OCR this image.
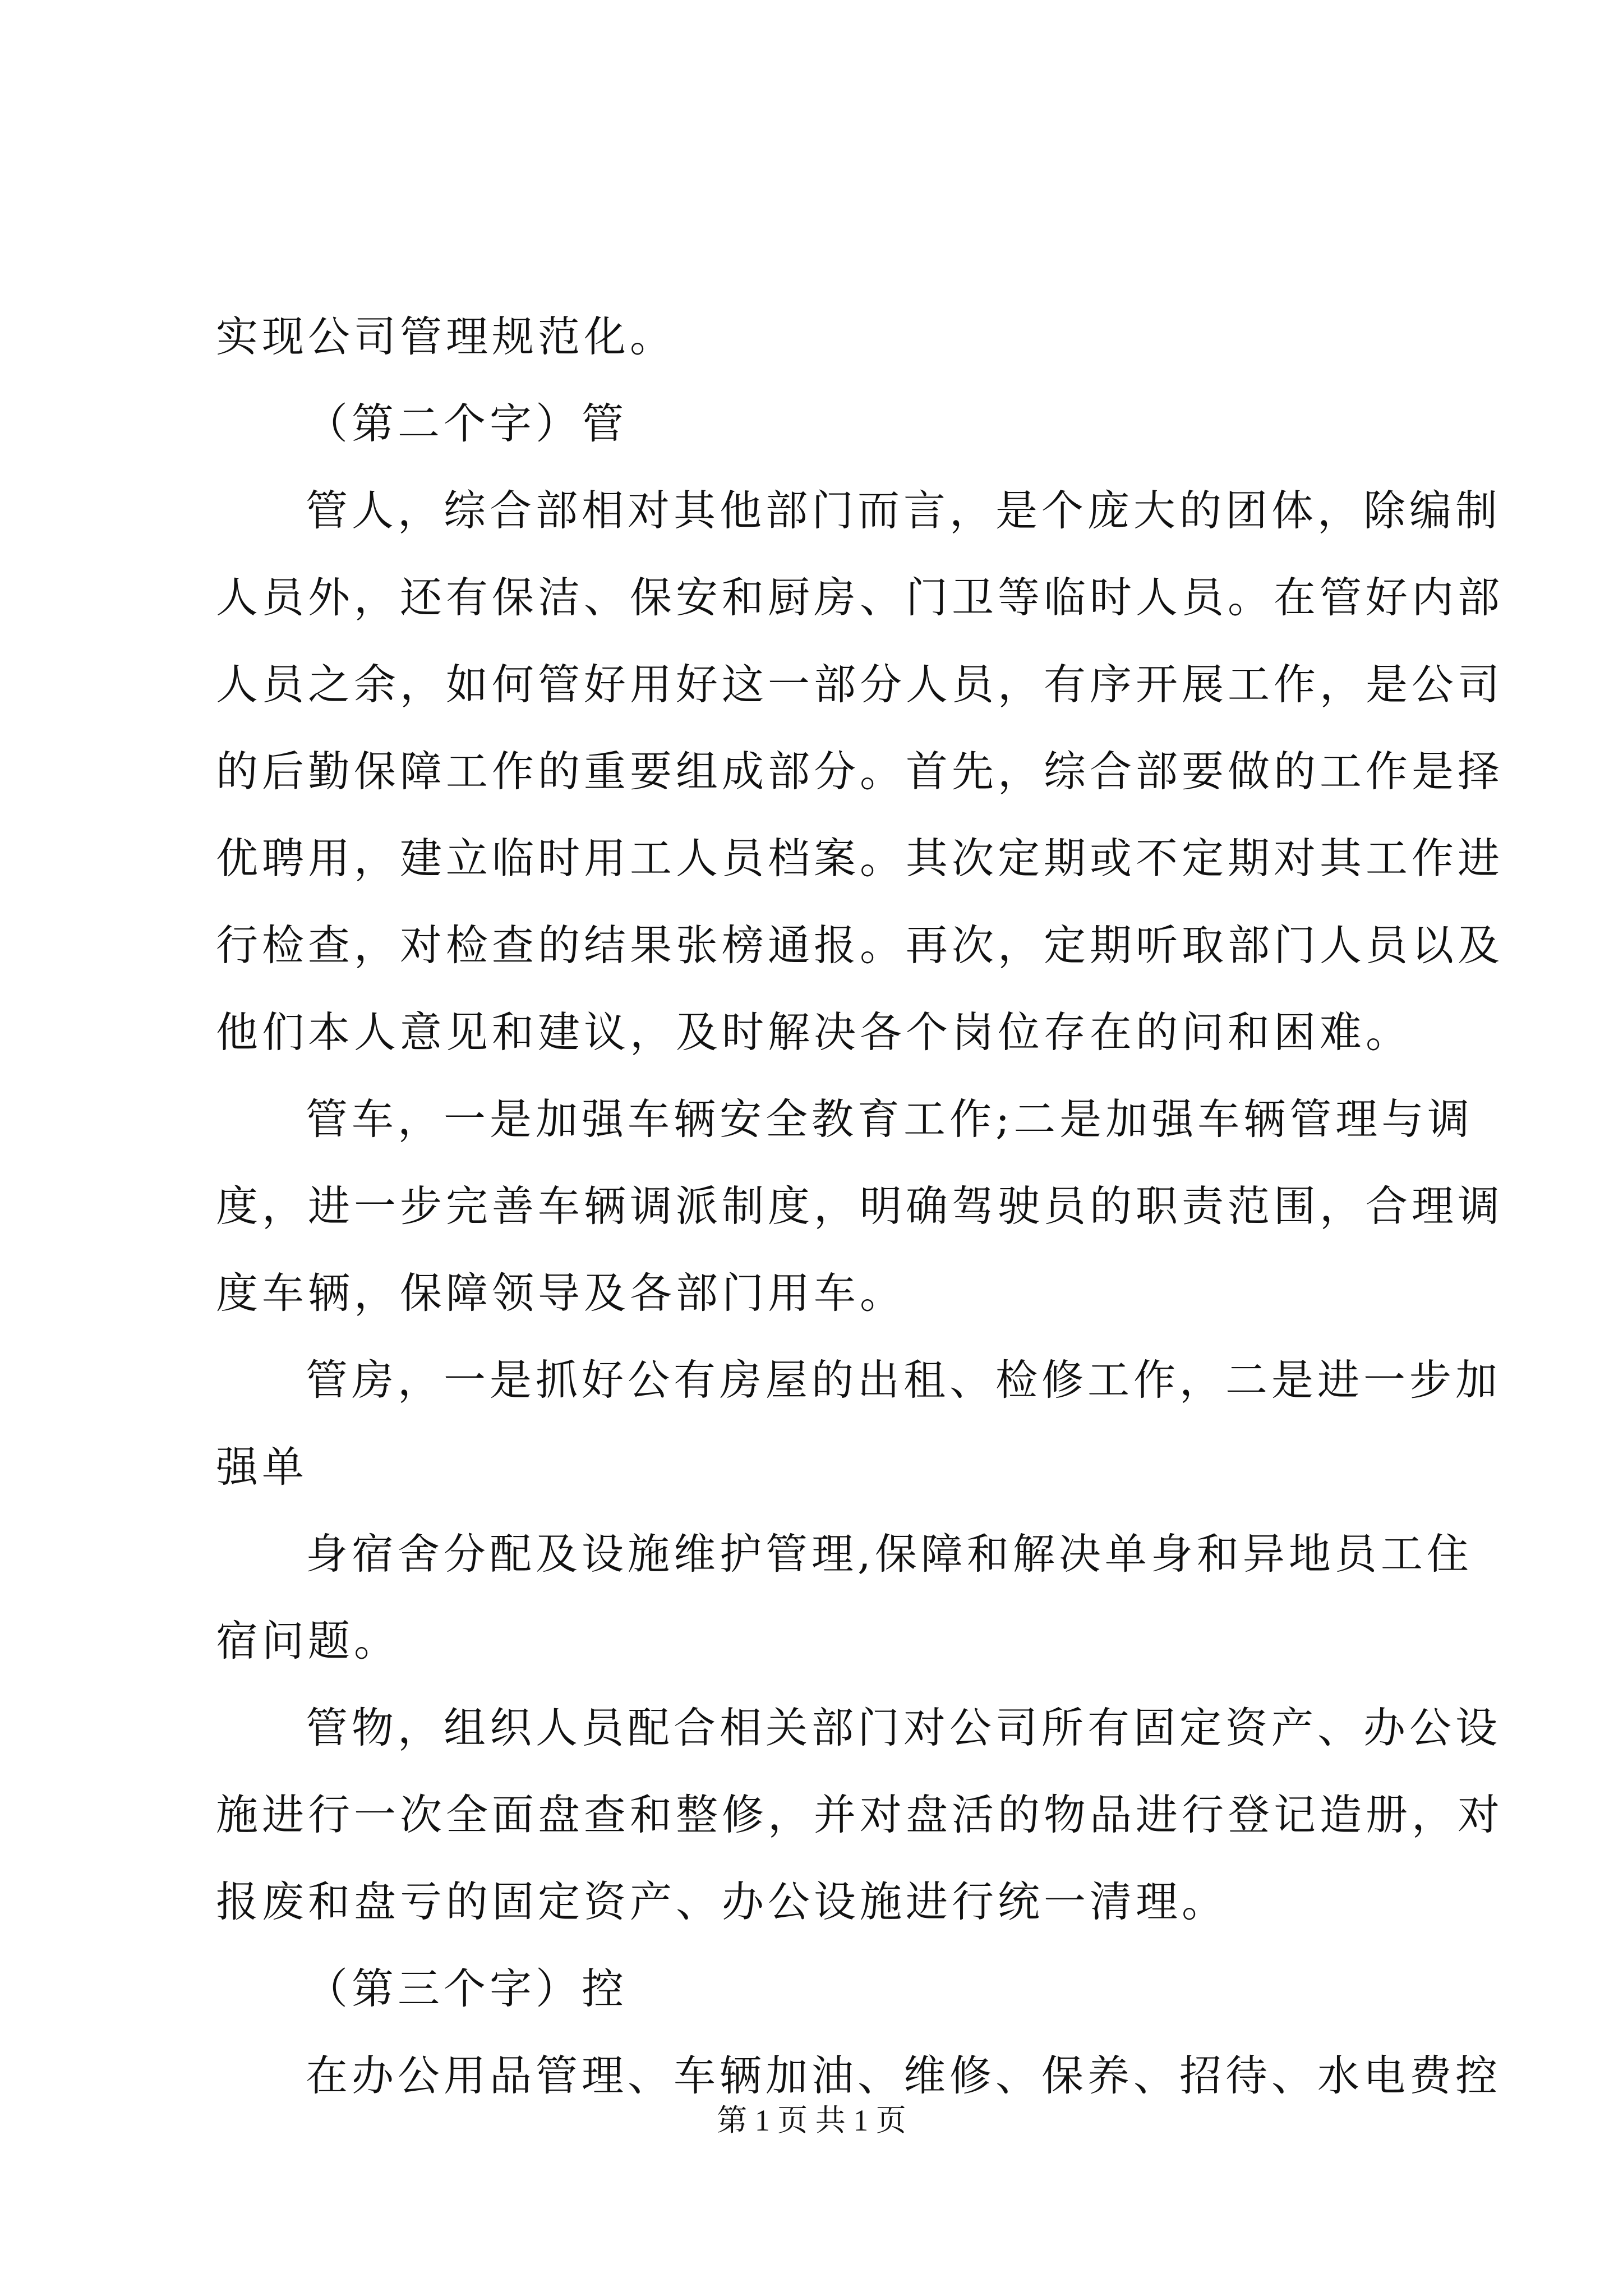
实现公司管理规范化。
（第二个字）管
管人，综合部相对其他部门而言，是个庞大的团体，除编制
人员外，还有保洁、保安和厨房、门卫等临时人员。在管好内部
人员之余，如何管好用好这一部分人员，有序开展工作，是公司
的后勤保障工作的重要组成部分。首先，综合部要做的工作是择
优聘用，建立临时用工人员档案。其次定期或不定期对其工作进
行检查，对检查的结果张榜通报。再次，定期听取部门人员以及
他们本人意见和建议，及时解决各个岗位存在的问和困难。
管车，一是加强车辆安全教育工作;二是加强车辆管理与调
度，进一步完善车辆调派制度，明确驾驶员的职责范围，合理调
度车辆，保障领导及各部门用车。
管房，一是抓好公有房屋的出租、检修工作，二是进一步加
强单
身宿舍分配及设施维护管理,保障和解决单身和异地员工住
宿问题。
管物，组织人员配合相关部门对公司所有固定资产、办公设
施进行一次全面盘查和整修，并对盘活的物品进行登记造册，对
报废和盘亏的固定资产、办公设施进行统一清理。
（第三个字）控
在办公用品管理、车辆加油、维修、保养、招待、水电费控
第 1 页 共 1 页
